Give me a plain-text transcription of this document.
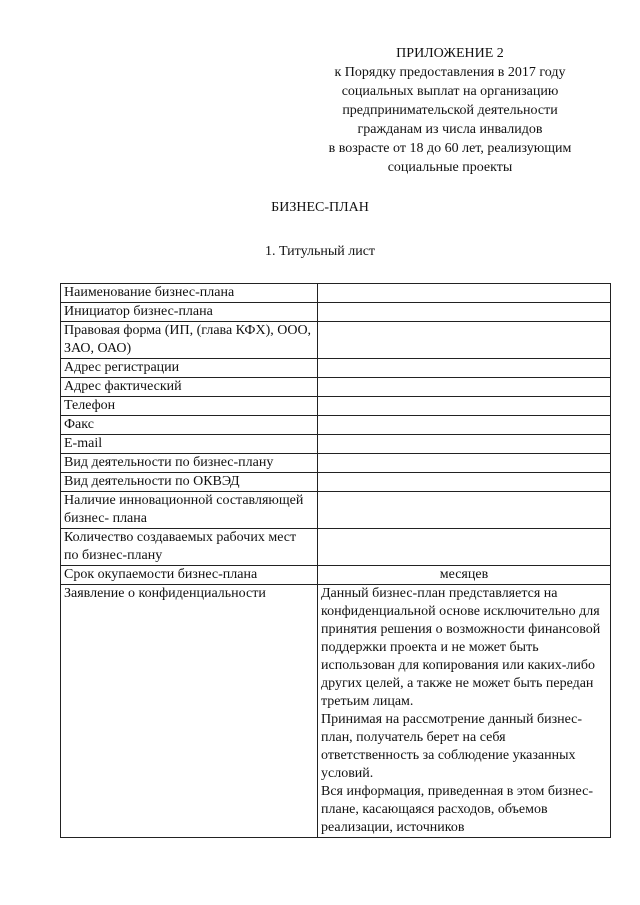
ПРИЛОЖЕНИЕ 2
к Порядку предоставления в 2017 году
социальных выплат на организацию
предпринимательской деятельности
гражданам из числа инвалидов
в возрасте от 18 до 60 лет, реализующим
социальные проекты
БИЗНЕС-ПЛАН
1. Титульный лист
Наименование бизнес-плана	
Инициатор бизнес-плана	
Правовая форма (ИП, (глава КФХ), ООО, ЗАО, ОАО)	
Адрес регистрации	
Адрес фактический	
Телефон	
Факс	
E-mail	
Вид деятельности по бизнес-плану	
Вид деятельности по ОКВЭД	
Наличие инновационной составляющей бизнес- плана	
Количество создаваемых рабочих мест по бизнес-плану	
Срок окупаемости бизнес-плана	месяцев
Заявление о конфиденциальности	Данный бизнес-план представляется на конфиденциальной основе исключительно для принятия решения о возможности финансовой поддержки проекта и не может быть использован для копирования или каких-либо других целей, а также не может быть передан третьим лицам.

Принимая на рассмотрение данный бизнес- план, получатель берет на себя ответственность за соблюдение указанных условий.

Вся информация, приведенная в этом бизнес- плане, касающаяся расходов, объемов реализации, источников
